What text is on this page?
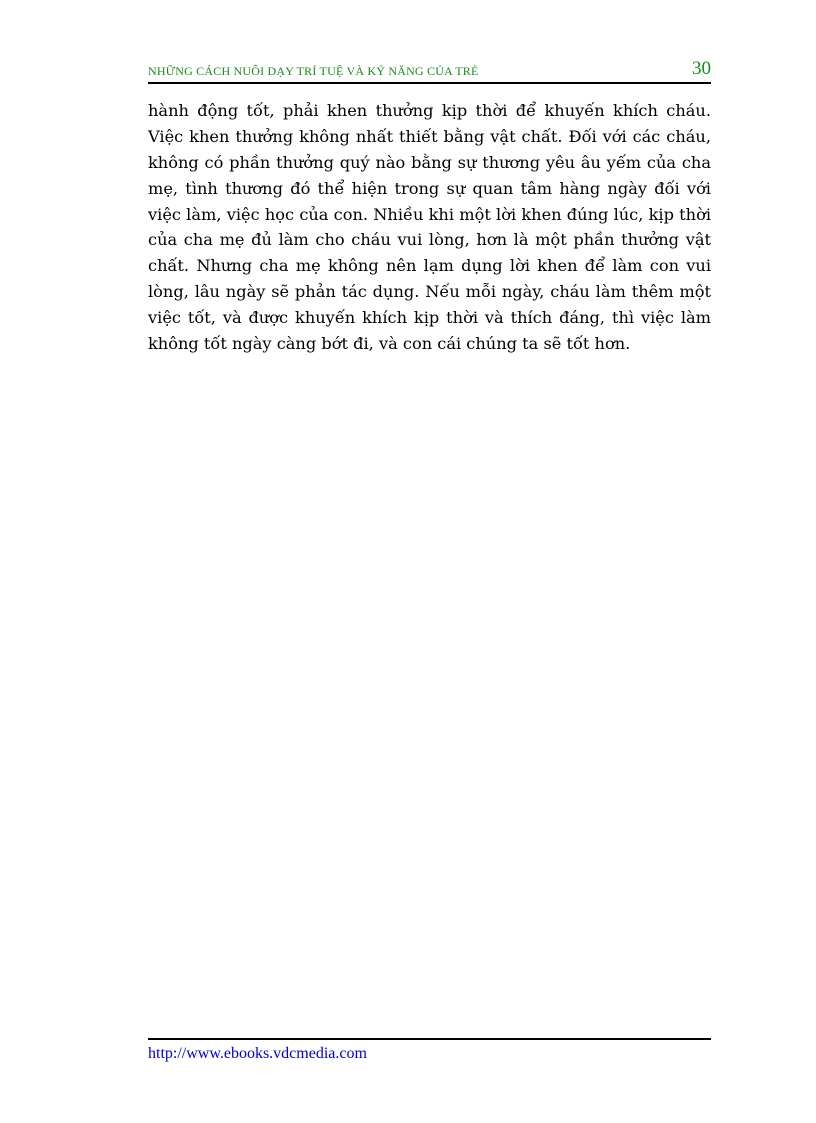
NHỮNG CÁCH NUÔI DẠY TRÍ TUỆ VÀ KỸ NĂNG CỦA TRẺ	30
hành động tốt, phải khen thưởng kịp thời để khuyến khích cháu.
Việc khen thưởng không nhất thiết bằng vật chất. Đối với các cháu,
không có phần thưởng quý nào bằng sự thương yêu âu yếm của cha
mẹ, tình thương đó thể hiện trong sự quan tâm hàng ngày đối với
việc làm, việc học của con. Nhiều khi một lời khen đúng lúc, kịp thời
của cha mẹ đủ làm cho cháu vui lòng, hơn là một phần thưởng vật
chất. Nhưng cha mẹ không nên lạm dụng lời khen để làm con vui
lòng, lâu ngày sẽ phản tác dụng. Nếu mỗi ngày, cháu làm thêm một
việc tốt, và được khuyến khích kịp thời và thích đáng, thì việc làm
không tốt ngày càng bớt đi, và con cái chúng ta sẽ tốt hơn.
http://www.ebooks.vdcmedia.com
